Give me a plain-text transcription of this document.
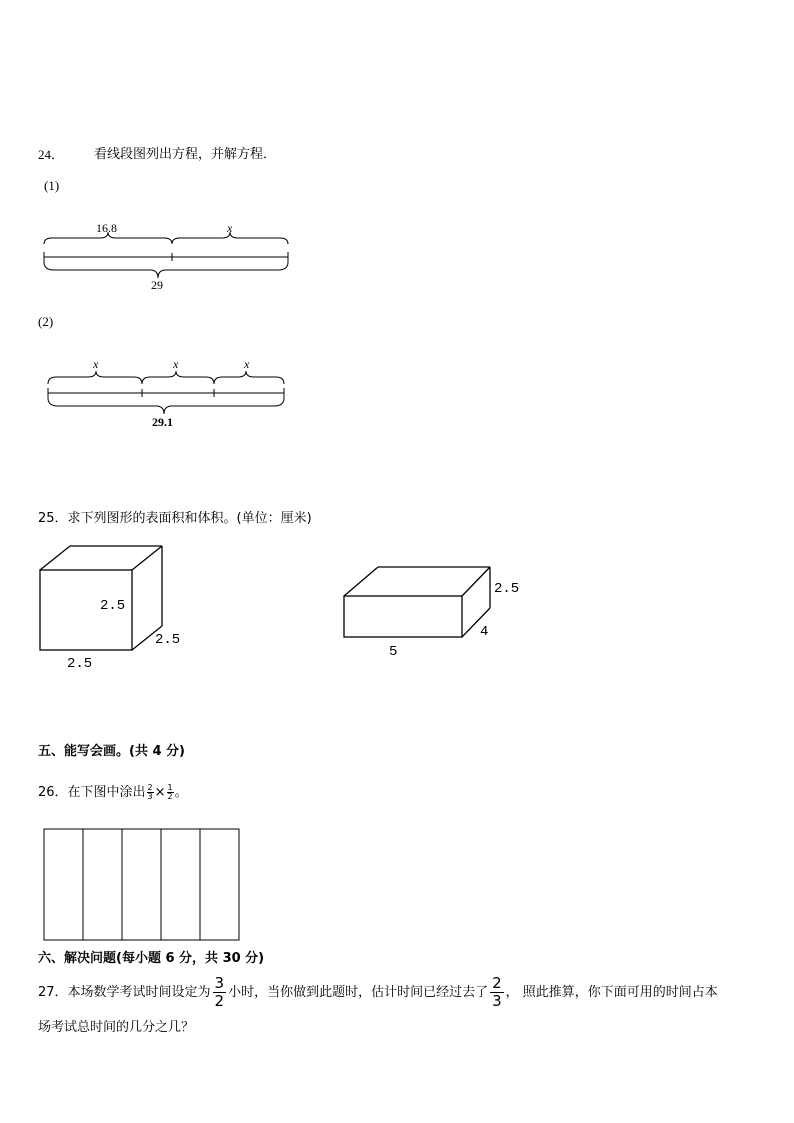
24． 看线段图列出方程，并解方程．
(1)
16.8	x
29
(2)
x	x	x
29.1
25．求下列图形的表面积和体积。(单位：厘米)
2.5
2.5
2.5
2.5
4
5
五、能写会画。(共 4 分)
26．在下图中涂出 $\frac{2}{3} \times \frac{1}{2}$ 。
六、解决问题(每小题 6 分，共 30 分)
27．本场数学考试时间设定为 $\frac{3}{2}$ 小时，当你做到此题时，估计时间已经过去了 $\frac{2}{3}$ ， 照此推算，你下面可用的时间占本
场考试总时间的几分之几？
